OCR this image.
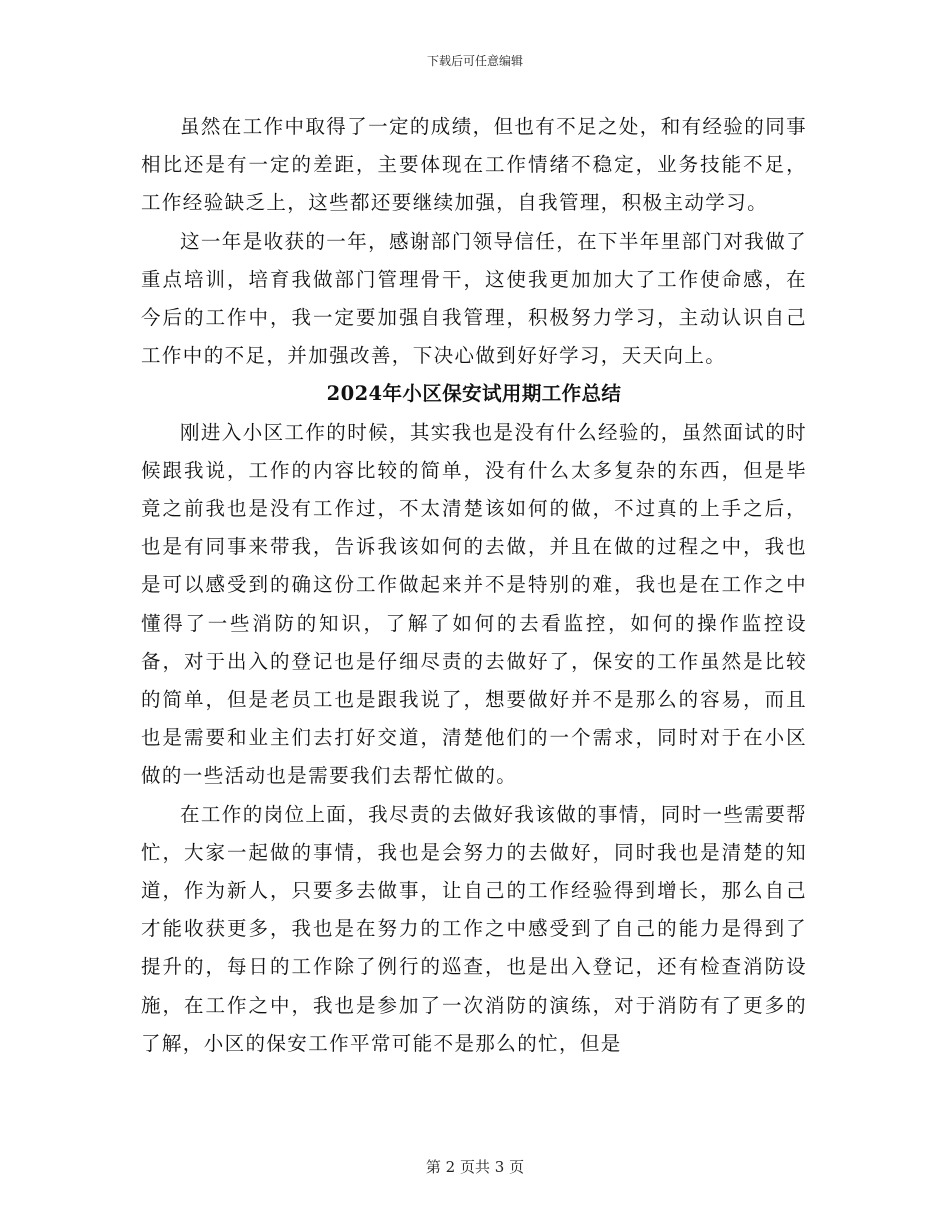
下载后可任意编辑

虽然在工作中取得了一定的成绩，但也有不足之处，和有经验的同事相比还是有一定的差距，主要体现在工作情绪不稳定，业务技能不足，工作经验缺乏上，这些都还要继续加强，自我管理，积极主动学习。

这一年是收获的一年，感谢部门领导信任，在下半年里部门对我做了重点培训，培育我做部门管理骨干，这使我更加加大了工作使命感，在今后的工作中，我一定要加强自我管理，积极努力学习，主动认识自己工作中的不足，并加强改善，下决心做到好好学习，天天向上。

2024年小区保安试用期工作总结

刚进入小区工作的时候，其实我也是没有什么经验的，虽然面试的时候跟我说，工作的内容比较的简单，没有什么太多复杂的东西，但是毕竟之前我也是没有工作过，不太清楚该如何的做，不过真的上手之后，也是有同事来带我，告诉我该如何的去做，并且在做的过程之中，我也是可以感受到的确这份工作做起来并不是特别的难，我也是在工作之中懂得了一些消防的知识，了解了如何的去看监控，如何的操作监控设备，对于出入的登记也是仔细尽责的去做好了，保安的工作虽然是比较的简单，但是老员工也是跟我说了，想要做好并不是那么的容易，而且也是需要和业主们去打好交道，清楚他们的一个需求，同时对于在小区做的一些活动也是需要我们去帮忙做的。

在工作的岗位上面，我尽责的去做好我该做的事情，同时一些需要帮忙，大家一起做的事情，我也是会努力的去做好，同时我也是清楚的知道，作为新人，只要多去做事，让自己的工作经验得到增长，那么自己才能收获更多，我也是在努力的工作之中感受到了自己的能力是得到了提升的，每日的工作除了例行的巡查，也是出入登记，还有检查消防设施，在工作之中，我也是参加了一次消防的演练，对于消防有了更多的了解，小区的保安工作平常可能不是那么的忙，但是

第 2 页共 3 页
